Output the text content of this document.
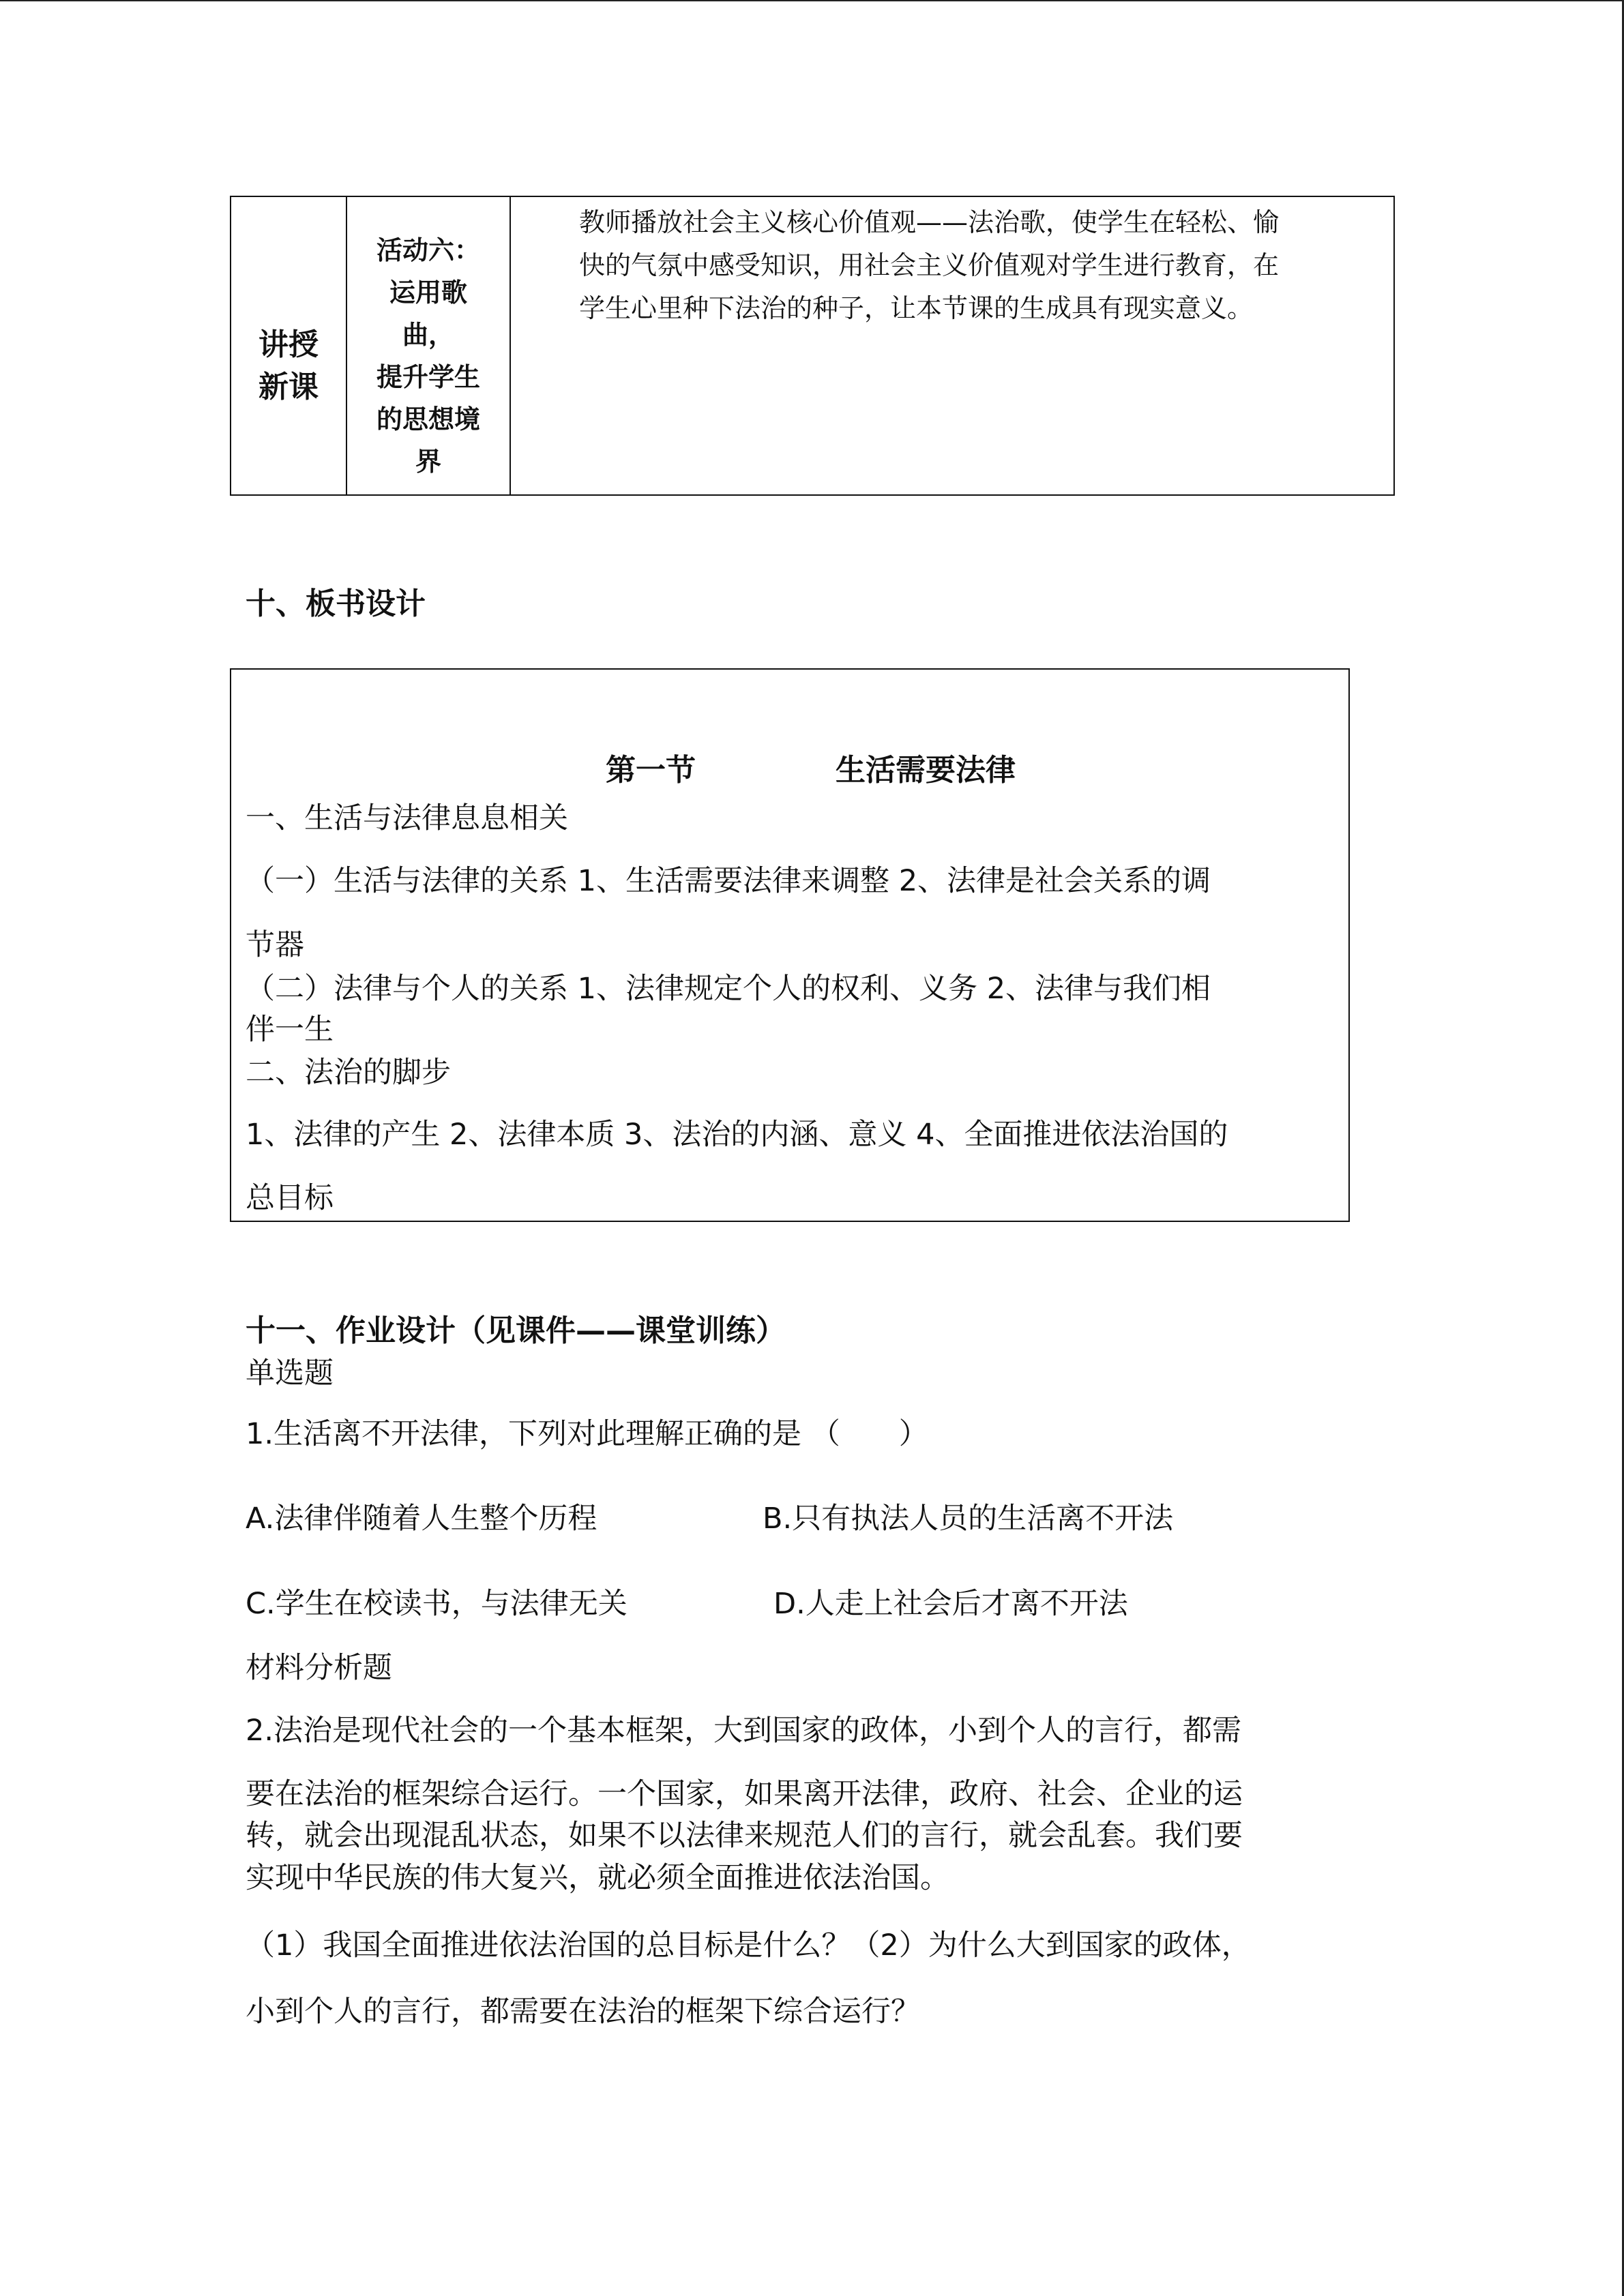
讲授新课

活动六：
运用歌
曲，
提升学生
的思想境
界

教师播放社会主义核心价值观——法治歌，使学生在轻松、愉
快的气氛中感受知识，用社会主义价值观对学生进行教育，在
学生心里种下法治的种子，让本节课的生成具有现实意义。
十、板书设计
第一节	生活需要法律
一、生活与法律息息相关
（一）生活与法律的关系 1、生活需要法律来调整 2、法律是社会关系的调
节器
（二）法律与个人的关系 1、法律规定个人的权利、义务 2、法律与我们相
伴一生
二、法治的脚步
1、法律的产生 2、法律本质 3、法治的内涵、意义 4、全面推进依法治国的
总目标
十一、作业设计（见课件——课堂训练）
单选题
1.生活离不开法律，下列对此理解正确的是 （　　）
A.法律伴随着人生整个历程	B.只有执法人员的生活离不开法
C.学生在校读书，与法律无关	D.人走上社会后才离不开法
材料分析题
2.法治是现代社会的一个基本框架，大到国家的政体，小到个人的言行，都需
要在法治的框架综合运行。一个国家，如果离开法律，政府、社会、企业的运
转，就会出现混乱状态，如果不以法律来规范人们的言行，就会乱套。我们要
实现中华民族的伟大复兴，就必须全面推进依法治国。
（1）我国全面推进依法治国的总目标是什么？（2）为什么大到国家的政体，
小到个人的言行，都需要在法治的框架下综合运行？
